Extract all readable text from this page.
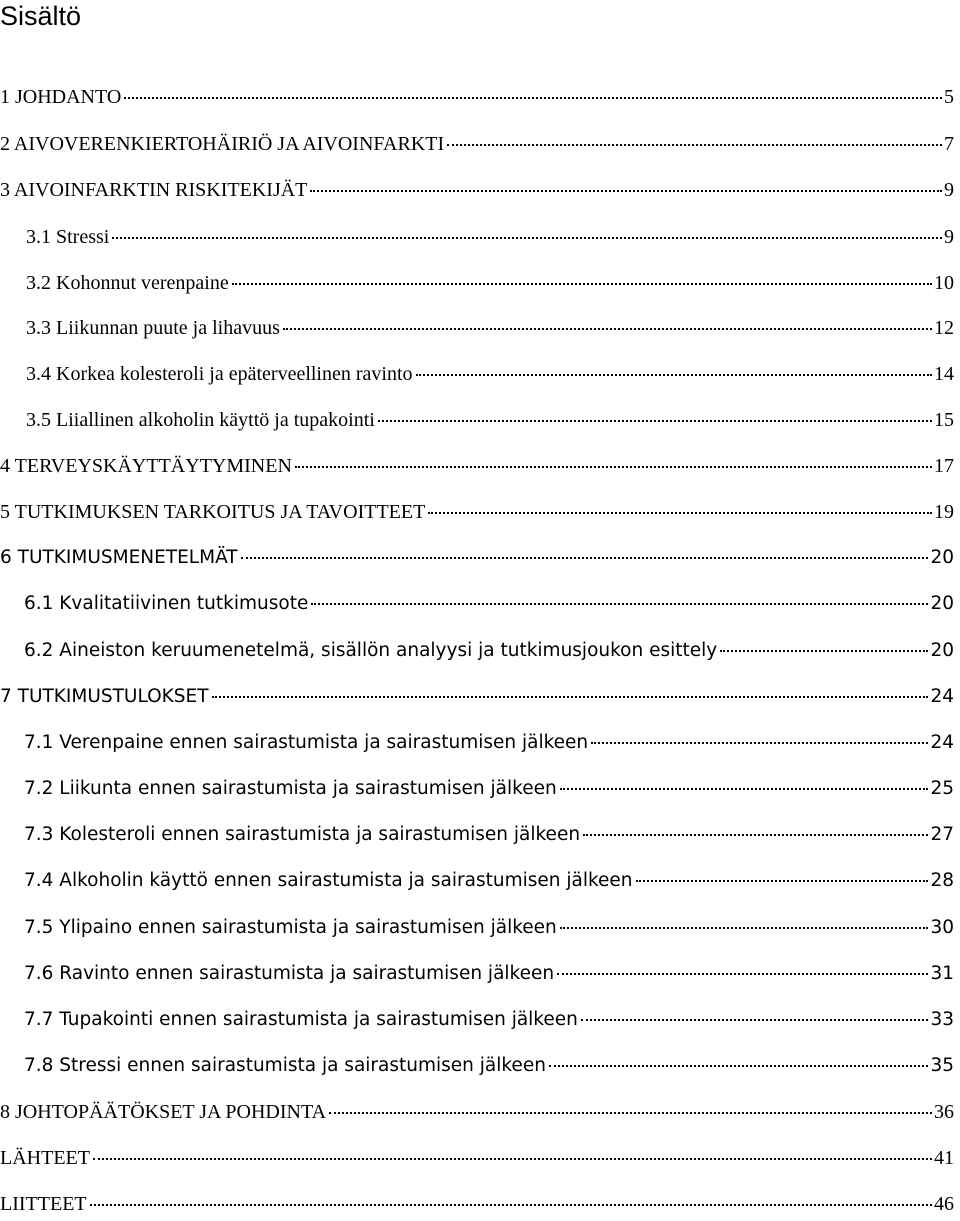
Sisältö
1 JOHDANTO	5
2 AIVOVERENKIERTOHÄIRIÖ JA AIVOINFARKTI	7
3 AIVOINFARKTIN RISKITEKIJÄT	9
3.1 Stressi	9
3.2 Kohonnut verenpaine	10
3.3 Liikunnan puute ja lihavuus	12
3.4 Korkea kolesteroli ja epäterveellinen ravinto	14
3.5 Liiallinen alkoholin käyttö ja tupakointi	15
4 TERVEYSKÄYTTÄYTYMINEN	17
5 TUTKIMUKSEN TARKOITUS JA TAVOITTEET	19
6 TUTKIMUSMENETELMÄT	20
6.1 Kvalitatiivinen tutkimusote	20
6.2 Aineiston keruumenetelmä, sisällön analyysi ja tutkimusjoukon esittely	20
7 TUTKIMUSTULOKSET	24
7.1 Verenpaine ennen sairastumista ja sairastumisen jälkeen	24
7.2 Liikunta ennen sairastumista ja sairastumisen jälkeen	25
7.3 Kolesteroli ennen sairastumista ja sairastumisen jälkeen	27
7.4 Alkoholin käyttö ennen sairastumista ja sairastumisen jälkeen	28
7.5 Ylipaino ennen sairastumista ja sairastumisen jälkeen	30
7.6 Ravinto ennen sairastumista ja sairastumisen jälkeen	31
7.7 Tupakointi ennen sairastumista ja sairastumisen jälkeen	33
7.8 Stressi ennen sairastumista ja sairastumisen jälkeen	35
8 JOHTOPÄÄTÖKSET JA POHDINTA	36
LÄHTEET	41
LIITTEET	46
